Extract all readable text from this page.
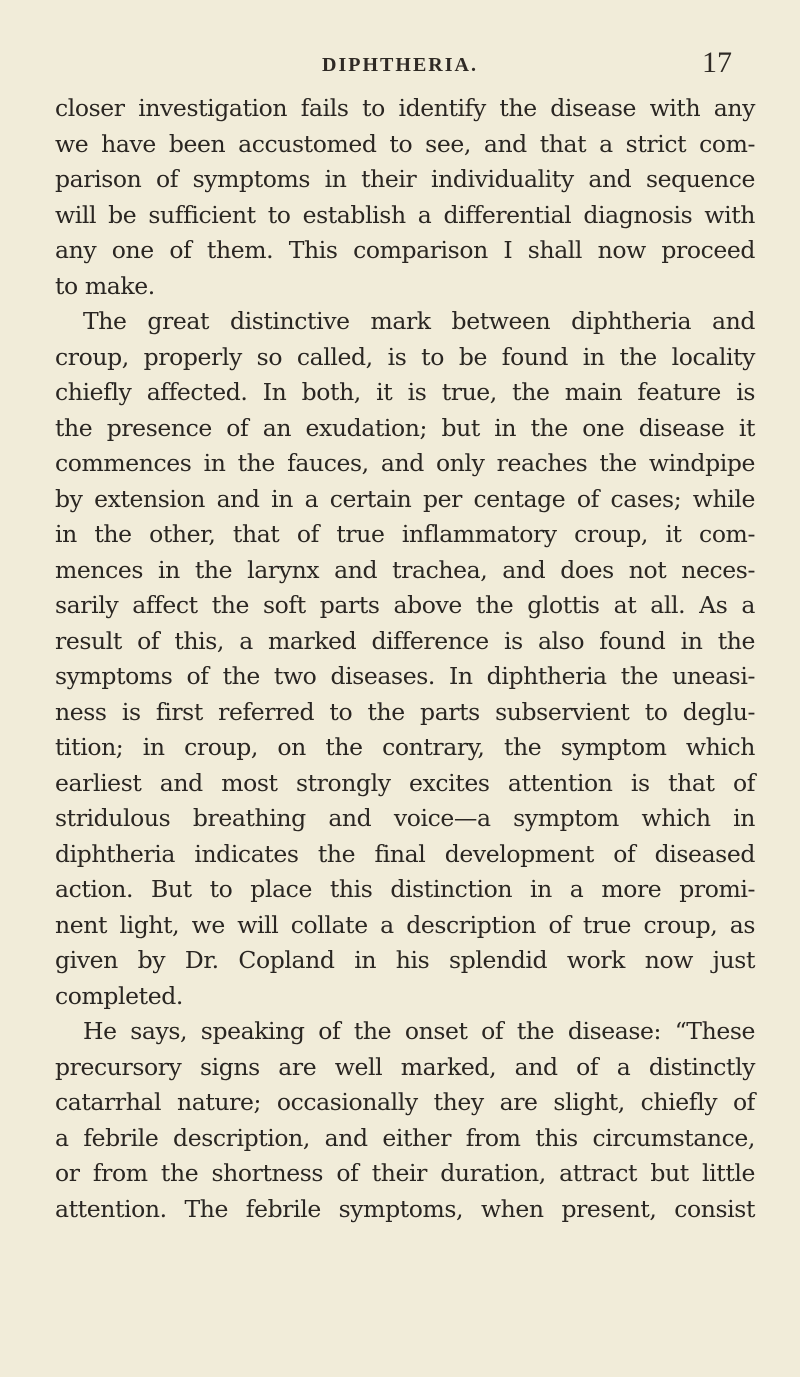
DIPHTHERIA.	17
closer investigation fails to identify the disease with any
we have been accustomed to see, and that a strict com-
parison of symptoms in their individuality and sequence
will be sufficient to establish a differential diagnosis with
any one of them. This comparison I shall now proceed
to make.
The great distinctive mark between diphtheria and
croup, properly so called, is to be found in the locality
chiefly affected. In both, it is true, the main feature is
the presence of an exudation; but in the one disease it
commences in the fauces, and only reaches the windpipe
by extension and in a certain per centage of cases; while
in the other, that of true inflammatory croup, it com-
mences in the larynx and trachea, and does not neces-
sarily affect the soft parts above the glottis at all. As a
result of this, a marked difference is also found in the
symptoms of the two diseases. In diphtheria the uneasi-
ness is first referred to the parts subservient to deglu-
tition; in croup, on the contrary, the symptom which
earliest and most strongly excites attention is that of
stridulous breathing and voice—a symptom which in
diphtheria indicates the final development of diseased
action. But to place this distinction in a more promi-
nent light, we will collate a description of true croup, as
given by Dr. Copland in his splendid work now just
completed.
He says, speaking of the onset of the disease: “These
precursory signs are well marked, and of a distinctly
catarrhal nature; occasionally they are slight, chiefly of
a febrile description, and either from this circumstance,
or from the shortness of their duration, attract but little
attention. The febrile symptoms, when present, consist
